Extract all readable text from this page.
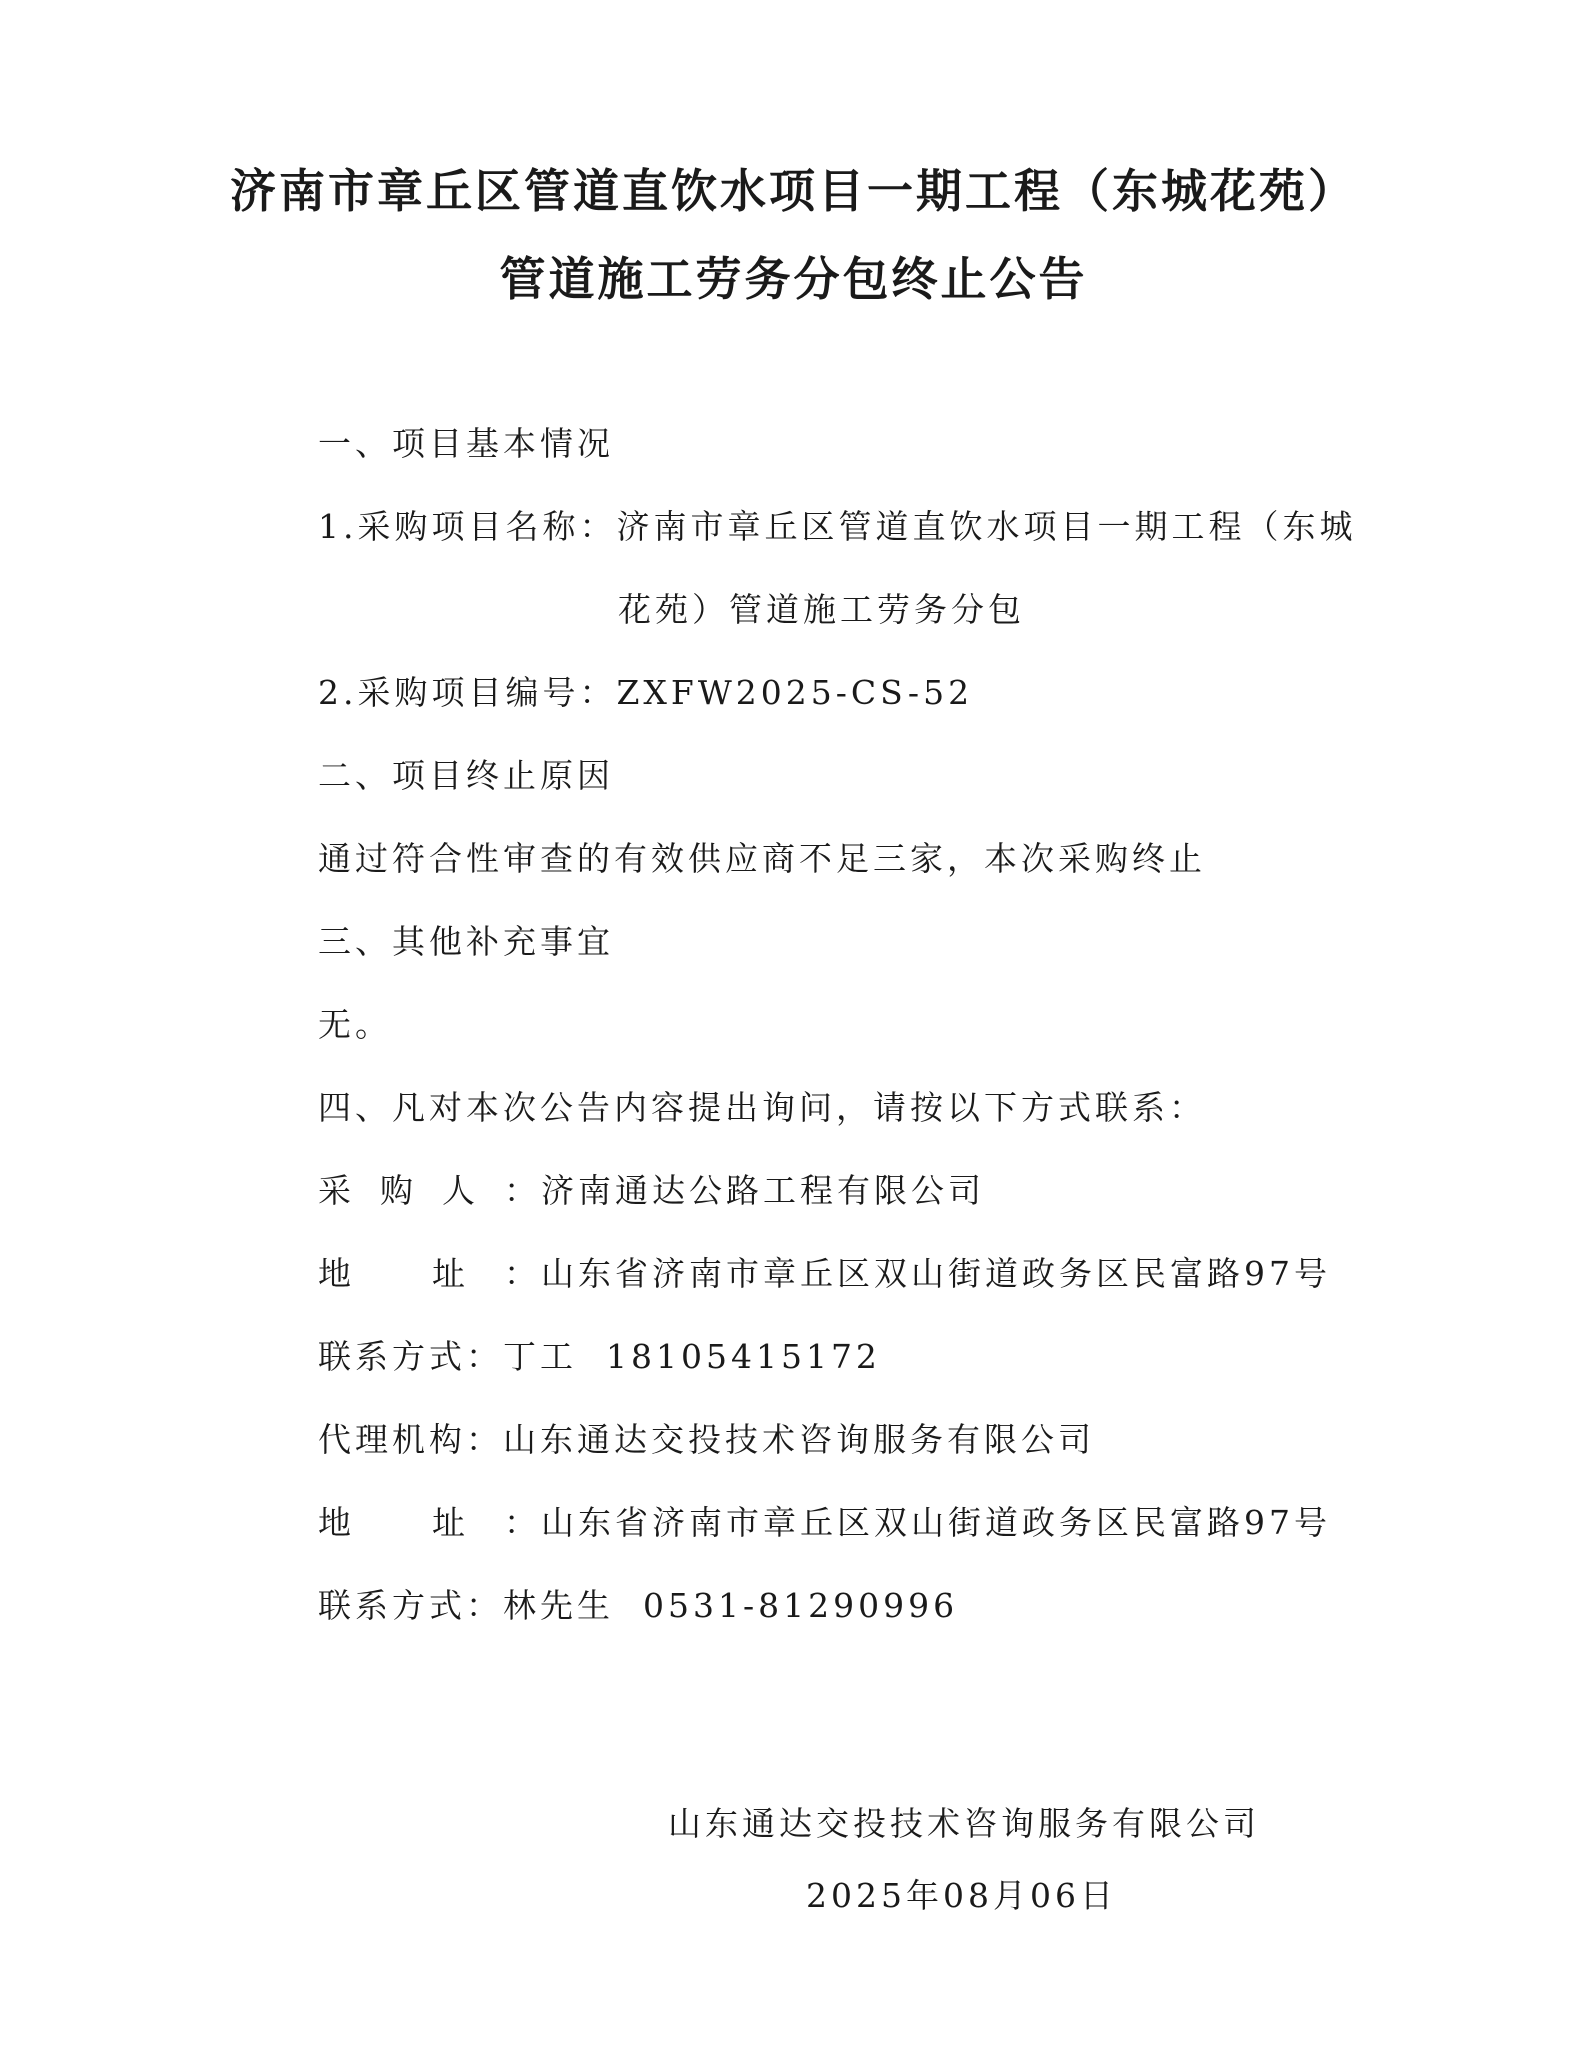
济南市章丘区管道直饮水项目一期工程（东城花苑）
管道施工劳务分包终止公告
一、项目基本情况
1.采购项目名称：济南市章丘区管道直饮水项目一期工程（东城
花苑）管道施工劳务分包
2.采购项目编号：ZXFW2025-CS-52
二、项目终止原因
通过符合性审查的有效供应商不足三家，本次采购终止
三、其他补充事宜
无。
四、凡对本次公告内容提出询问，请按以下方式联系：
采 购 人 ：济南通达公路工程有限公司
地 址 ：山东省济南市章丘区双山街道政务区民富路97号
联系方式：丁工  18105415172
代理机构：山东通达交投技术咨询服务有限公司
地 址 ：山东省济南市章丘区双山街道政务区民富路97号
联系方式：林先生  0531-81290996
山东通达交投技术咨询服务有限公司
2025年08月06日
